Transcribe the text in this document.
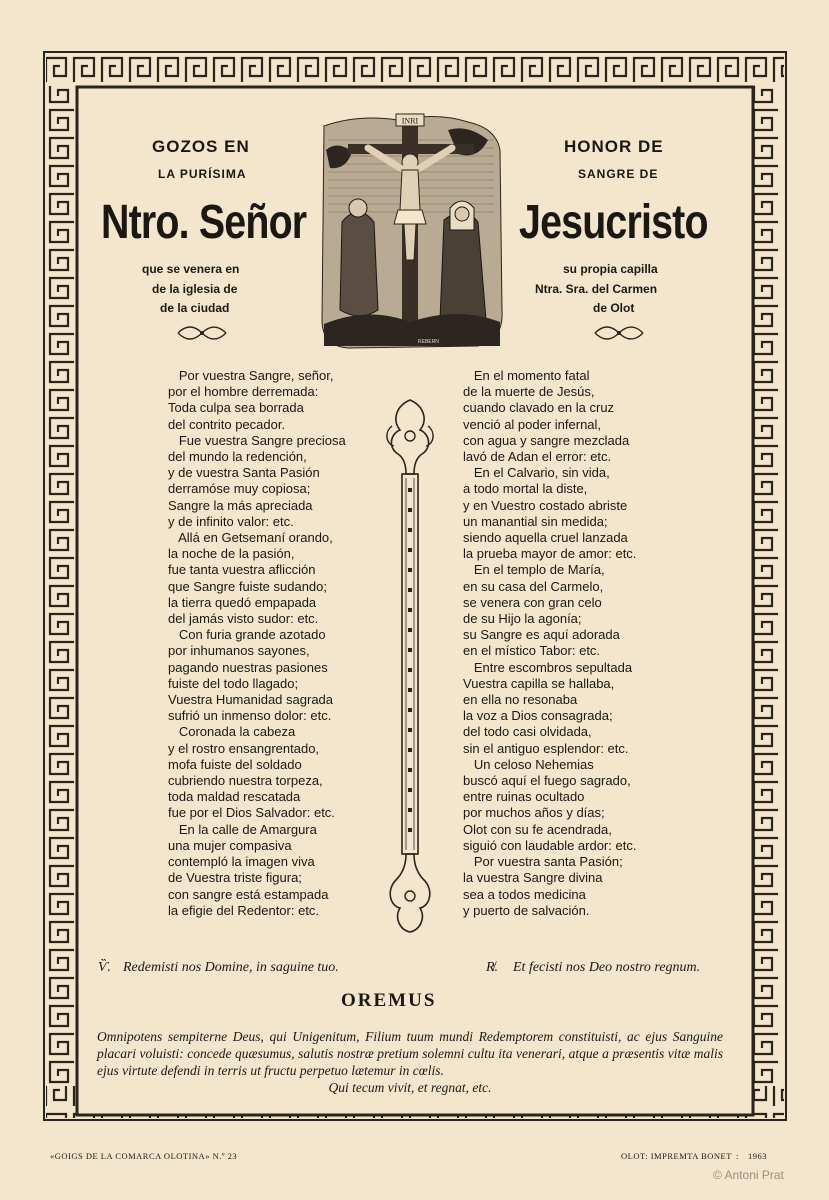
GOZOS EN
LA PURÍSIMA
HONOR DE
SANGRE DE
Ntro. Señor	Jesucristo
que se venera en
de la iglesia de
de la ciudad
su propia capilla
Ntra. Sra. del Carmen
de Olot
INRI
REBERN
Por vuestra Sangre, señor,
por el hombre derremada:
Toda culpa sea borrada
del contrito pecador.
Fue vuestra Sangre preciosa
del mundo la redención,
y de vuestra Santa Pasión
derramóse muy copiosa;
Sangre la más apreciada
y de infinito valor: etc.
Allá en Getsemaní orando,
la noche de la pasión,
fue tanta vuestra aflicción
que Sangre fuiste sudando;
la tierra quedó empapada
del jamás visto sudor: etc.
Con furia grande azotado
por inhumanos sayones,
pagando nuestras pasiones
fuiste del todo llagado;
Vuestra Humanidad sagrada
sufrió un inmenso dolor: etc.
Coronada la cabeza
y el rostro ensangrentado,
mofa fuiste del soldado
cubriendo nuestra torpeza,
toda maldad rescatada
fue por el Dios Salvador: etc.
En la calle de Amargura
una mujer compasiva
contempló la imagen viva
de Vuestra triste figura;
con sangre está estampada
la efigie del Redentor: etc.
En el momento fatal
de la muerte de Jesús,
cuando clavado en la cruz
venció al poder infernal,
con agua y sangre mezclada
lavó de Adan el error: etc.
En el Calvario, sin vida,
a todo mortal la diste,
y en Vuestro costado abriste
un manantial sin medida;
siendo aquella cruel lanzada
la prueba mayor de amor: etc.
En el templo de María,
en su casa del Carmelo,
se venera con gran celo
de su Hijo la agonía;
su Sangre es aquí adorada
en el místico Tabor: etc.
Entre escombros sepultada
Vuestra capilla se hallaba,
en ella no resonaba
la voz a Dios consagrada;
del todo casi olvidada,
sin el antiguo esplendor: etc.
Un celoso Nehemias
buscó aquí el fuego sagrado,
entre ruinas ocultado
por muchos años y días;
Olot con su fe acendrada,
siguió con laudable ardor: etc.
Por vuestra santa Pasión;
la vuestra Sangre divina
sea a todos medicina
y puerto de salvación.
Ѷ. Redemisti nos Domine, in saguine tuo.	R̸. Et fecisti nos Deo nostro regnum.
OREMUS
Omnipotens sempiterne Deus, qui Unigenitum, Filium tuum mundi Redemptorem constituisti, ac ejus Sanguine placari voluisti: concede quæsumus, salutis nostræ pretium solemni cultu ita venerari, atque a præsentis vitæ malis ejus virtute defendi in terris ut fructu perpetuo lætemur in cœlis.
Qui tecum vivit, et regnat, etc.
«GOIGS DE LA COMARCA OLOTINA» N.º 23	OLOT: IMPREMTA BONET : 1963
© Antoni Prat
